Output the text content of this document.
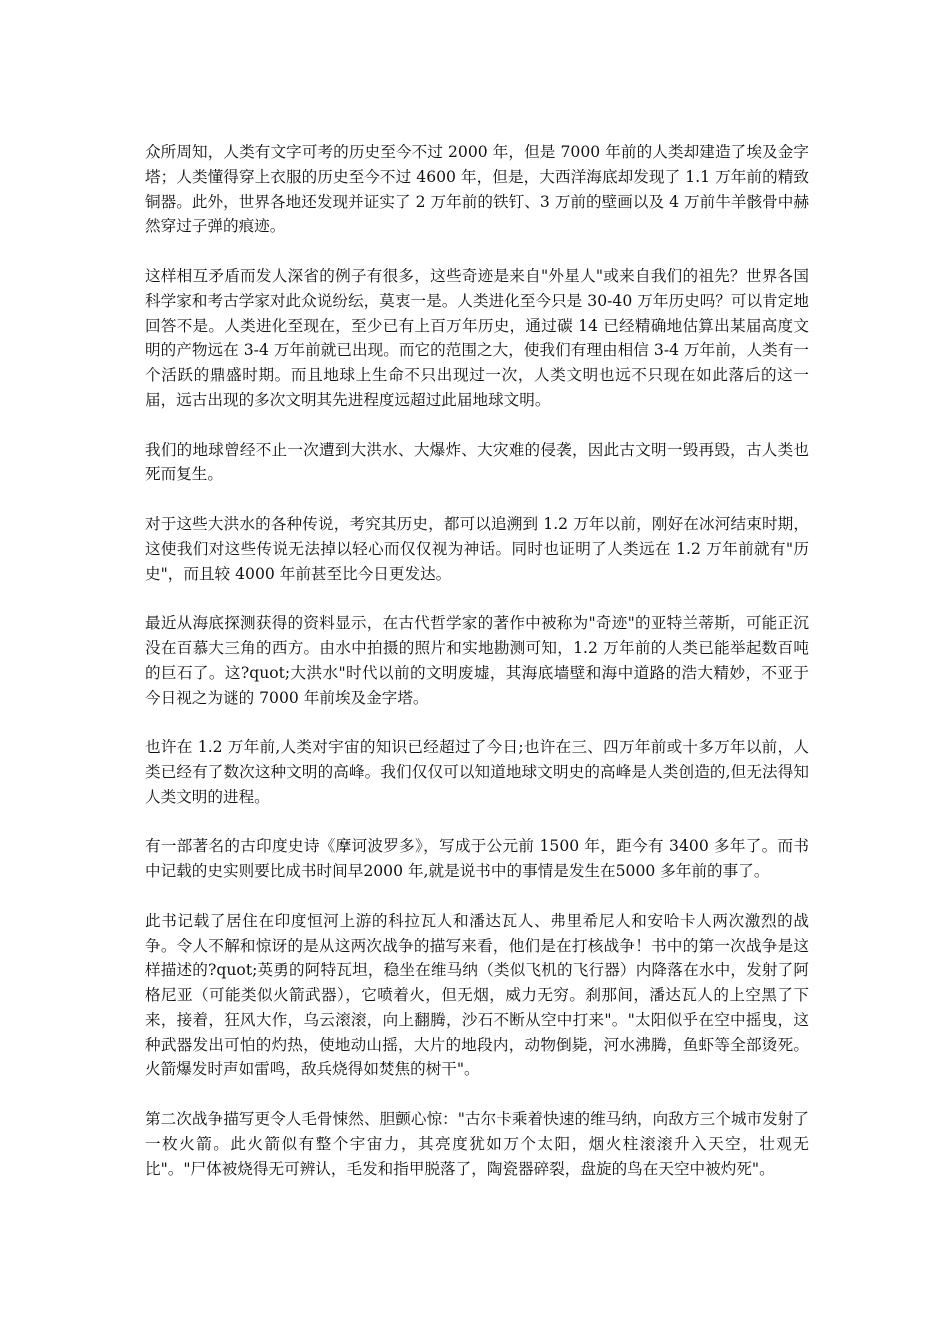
众所周知，人类有文字可考的历史至今不过 2000 年，但是 7000 年前的人类却建造了埃及金字塔；人类懂得穿上衣服的历史至今不过 4600 年，但是，大西洋海底却发现了 1.1 万年前的精致铜器。此外，世界各地还发现并证实了 2 万年前的铁钉、3 万前的壁画以及 4 万前牛羊骸骨中赫然穿过子弹的痕迹。

这样相互矛盾而发人深省的例子有很多，这些奇迹是来自"外星人"或来自我们的祖先？世界各国科学家和考古学家对此众说纷纭，莫衷一是。人类进化至今只是 30-40 万年历史吗？可以肯定地回答不是。人类进化至现在，至少已有上百万年历史，通过碳 14 已经精确地估算出某届高度文明的产物远在 3-4 万年前就已出现。而它的范围之大，使我们有理由相信 3-4 万年前，人类有一个活跃的鼎盛时期。而且地球上生命不只出现过一次，人类文明也远不只现在如此落后的这一届，远古出现的多次文明其先进程度远超过此届地球文明。

我们的地球曾经不止一次遭到大洪水、大爆炸、大灾难的侵袭，因此古文明一毁再毁，古人类也死而复生。

对于这些大洪水的各种传说，考究其历史，都可以追溯到 1.2 万年以前，刚好在冰河结束时期，这使我们对这些传说无法掉以轻心而仅仅视为神话。同时也证明了人类远在 1.2 万年前就有"历史"，而且较 4000 年前甚至比今日更发达。

最近从海底探测获得的资料显示，在古代哲学家的著作中被称为"奇迹"的亚特兰蒂斯，可能正沉没在百慕大三角的西方。由水中拍摄的照片和实地勘测可知，1.2 万年前的人类已能举起数百吨的巨石了。这?quot;大洪水"时代以前的文明废墟，其海底墙壁和海中道路的浩大精妙，不亚于今日视之为谜的 7000 年前埃及金字塔。

也许在 1.2 万年前,人类对宇宙的知识已经超过了今日;也许在三、四万年前或十多万年以前，人类已经有了数次这种文明的高峰。我们仅仅可以知道地球文明史的高峰是人类创造的,但无法得知人类文明的进程。

有一部著名的古印度史诗《摩诃波罗多》，写成于公元前 1500 年，距今有 3400 多年了。而书中记载的史实则要比成书时间早2000 年,就是说书中的事情是发生在5000 多年前的事了。

此书记载了居住在印度恒河上游的科拉瓦人和潘达瓦人、弗里希尼人和安哈卡人两次激烈的战争。令人不解和惊讶的是从这两次战争的描写来看，他们是在打核战争！书中的第一次战争是这样描述的?quot;英勇的阿特瓦坦，稳坐在维马纳（类似飞机的飞行器）内降落在水中，发射了阿格尼亚（可能类似火箭武器），它喷着火，但无烟，威力无穷。刹那间，潘达瓦人的上空黑了下来，接着，狂风大作，乌云滚滚，向上翻腾，沙石不断从空中打来"。"太阳似乎在空中摇曳，这种武器发出可怕的灼热，使地动山摇，大片的地段内，动物倒毙，河水沸腾，鱼虾等全部烫死。火箭爆发时声如雷鸣，敌兵烧得如焚焦的树干"。

第二次战争描写更令人毛骨悚然、胆颤心惊："古尔卡乘着快速的维马纳，向敌方三个城市发射了一枚火箭。此火箭似有整个宇宙力，其亮度犹如万个太阳，烟火柱滚滚升入天空，壮观无比"。"尸体被烧得无可辨认，毛发和指甲脱落了，陶瓷器碎裂，盘旋的鸟在天空中被灼死"。
